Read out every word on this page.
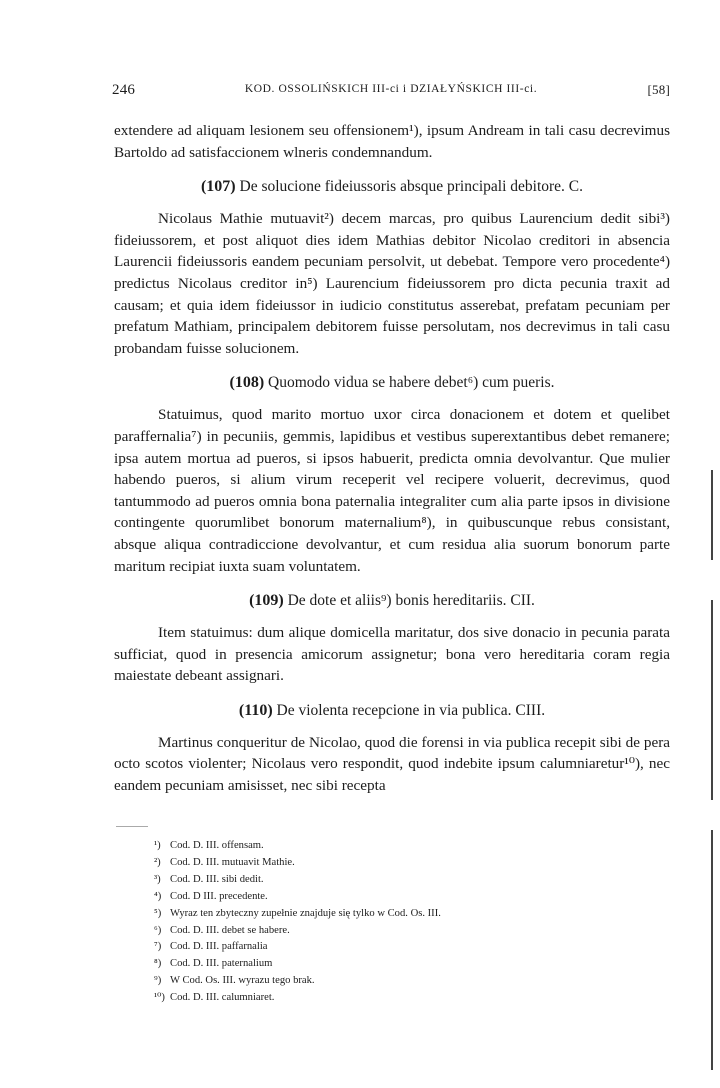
246	KOD. OSSOLIŃSKICH III-ci i DZIAŁYŃSKICH III-ci.	[58]

extendere ad aliquam lesionem seu offensionem¹), ipsum Andream in tali casu decrevimus Bartoldo ad satisfaccionem wlneris condemnandum.

(107) De solucione fideiussoris absque principali debitore. C.

Nicolaus Mathie mutuavit²) decem marcas, pro quibus Laurencium dedit sibi³) fideiussorem, et post aliquot dies idem Mathias debitor Nicolao creditori in absencia Laurencii fideiussoris eandem pecuniam persolvit, ut debebat. Tempore vero procedente⁴) predictus Nicolaus creditor in⁵) Laurencium fideiussorem pro dicta pecunia traxit ad causam; et quia idem fideiussor in iudicio constitutus asserebat, prefatam pecuniam per prefatum Mathiam, principalem debitorem fuisse persolutam, nos decrevimus in tali casu probandam fuisse solucionem.

(108) Quomodo vidua se habere debet⁶) cum pueris.

Statuimus, quod marito mortuo uxor circa donacionem et dotem et quelibet paraffernalia⁷) in pecuniis, gemmis, lapidibus et vestibus superextantibus debet remanere; ipsa autem mortua ad pueros, si ipsos habuerit, predicta omnia devolvantur. Que mulier habendo pueros, si alium virum receperit vel recipere voluerit, decrevimus, quod tantummodo ad pueros omnia bona paternalia integraliter cum alia parte ipsos in divisione contingente quorumlibet bonorum maternalium⁸), in quibuscunque rebus consistant, absque aliqua contradiccione devolvantur, et cum residua alia suorum bonorum parte maritum recipiat iuxta suam voluntatem.

(109) De dote et aliis⁹) bonis hereditariis. CII.

Item statuimus: dum alique domicella maritatur, dos sive donacio in pecunia parata sufficiat, quod in presencia amicorum assignetur; bona vero hereditaria coram regia maiestate debeant assignari.

(110) De violenta recepcione in via publica. CIII.

Martinus conqueritur de Nicolao, quod die forensi in via publica recepit sibi de pera octo scotos violenter; Nicolaus vero respondit, quod indebite ipsum calumniaretur¹⁰), nec eandem pecuniam amisisset, nec sibi recepta

¹) Cod. D. III. offensam.
²) Cod. D. III. mutuavit Mathie.
³) Cod. D. III. sibi dedit.
⁴) Cod. D III. precedente.
⁵) Wyraz ten zbyteczny zupełnie znajduje się tylko w Cod. Os. III.
⁶) Cod. D. III. debet se habere.
⁷) Cod. D. III. paffarnalia
⁸) Cod. D. III. paternalium
⁹) W Cod. Os. III. wyrazu tego brak.
¹⁰) Cod. D. III. calumniaret.
